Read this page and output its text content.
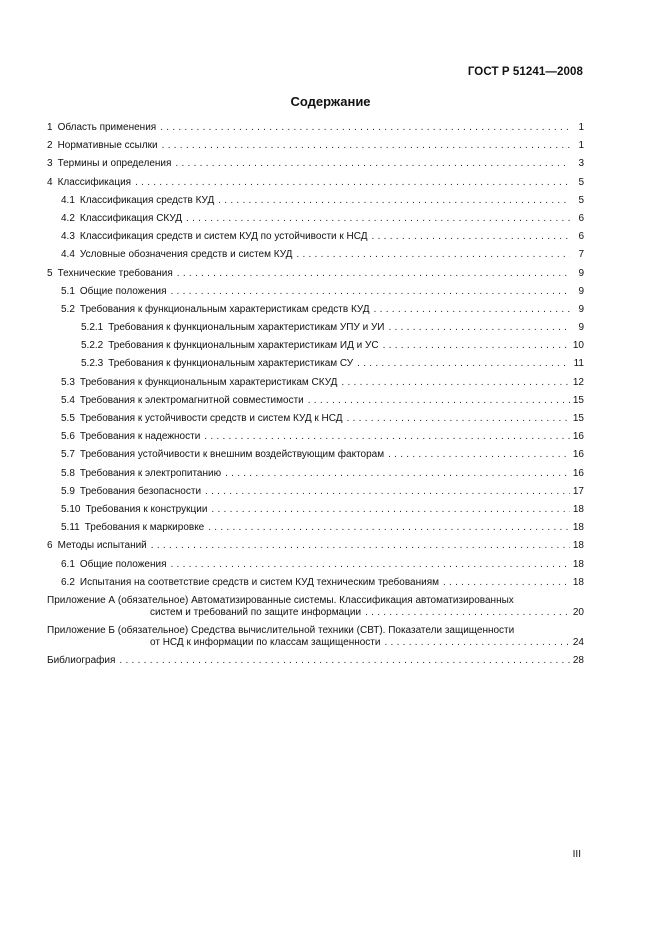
ГОСТ Р 51241—2008
Содержание
1 Область применения . . .	1
2 Нормативные ссылки . . .	1
3 Термины и определения . . .	3
4 Классификация . . .	5
4.1 Классификация средств КУД . . .	5
4.2 Классификация СКУД . . .	6
4.3 Классификация средств и систем КУД по устойчивости к НСД . . .	6
4.4 Условные обозначения средств и систем КУД . . .	7
5 Технические требования . . .	9
5.1 Общие положения . . .	9
5.2 Требования к функциональным характеристикам средств КУД . . .	9
5.2.1 Требования к функциональным характеристикам УПУ и УИ . . .	9
5.2.2 Требования к функциональным характеристикам ИД и УС . . .	10
5.2.3 Требования к функциональным характеристикам СУ . . .	11
5.3 Требования к функциональным характеристикам СКУД . . .	12
5.4 Требования к электромагнитной совместимости . . .	15
5.5 Требования к устойчивости средств и систем КУД к НСД . . .	15
5.6 Требования к надежности . . .	16
5.7 Требования устойчивости к внешним воздействующим факторам . . .	16
5.8 Требования к электропитанию . . .	16
5.9 Требования безопасности . . .	17
5.10 Требования к конструкции . . .	18
5.11 Требования к маркировке . . .	18
6 Методы испытаний . . .	18
6.1 Общие положения . . .	18
6.2 Испытания на соответствие средств и систем КУД техническим требованиям . . .	18
Приложение А (обязательное) Автоматизированные системы. Классификация автоматизированных
систем и требований по защите информации . . .	20
Приложение Б (обязательное) Средства вычислительной техники (СВТ). Показатели защищенности
от НСД к информации по классам защищенности . . .	24
Библиография . . .	28
III
